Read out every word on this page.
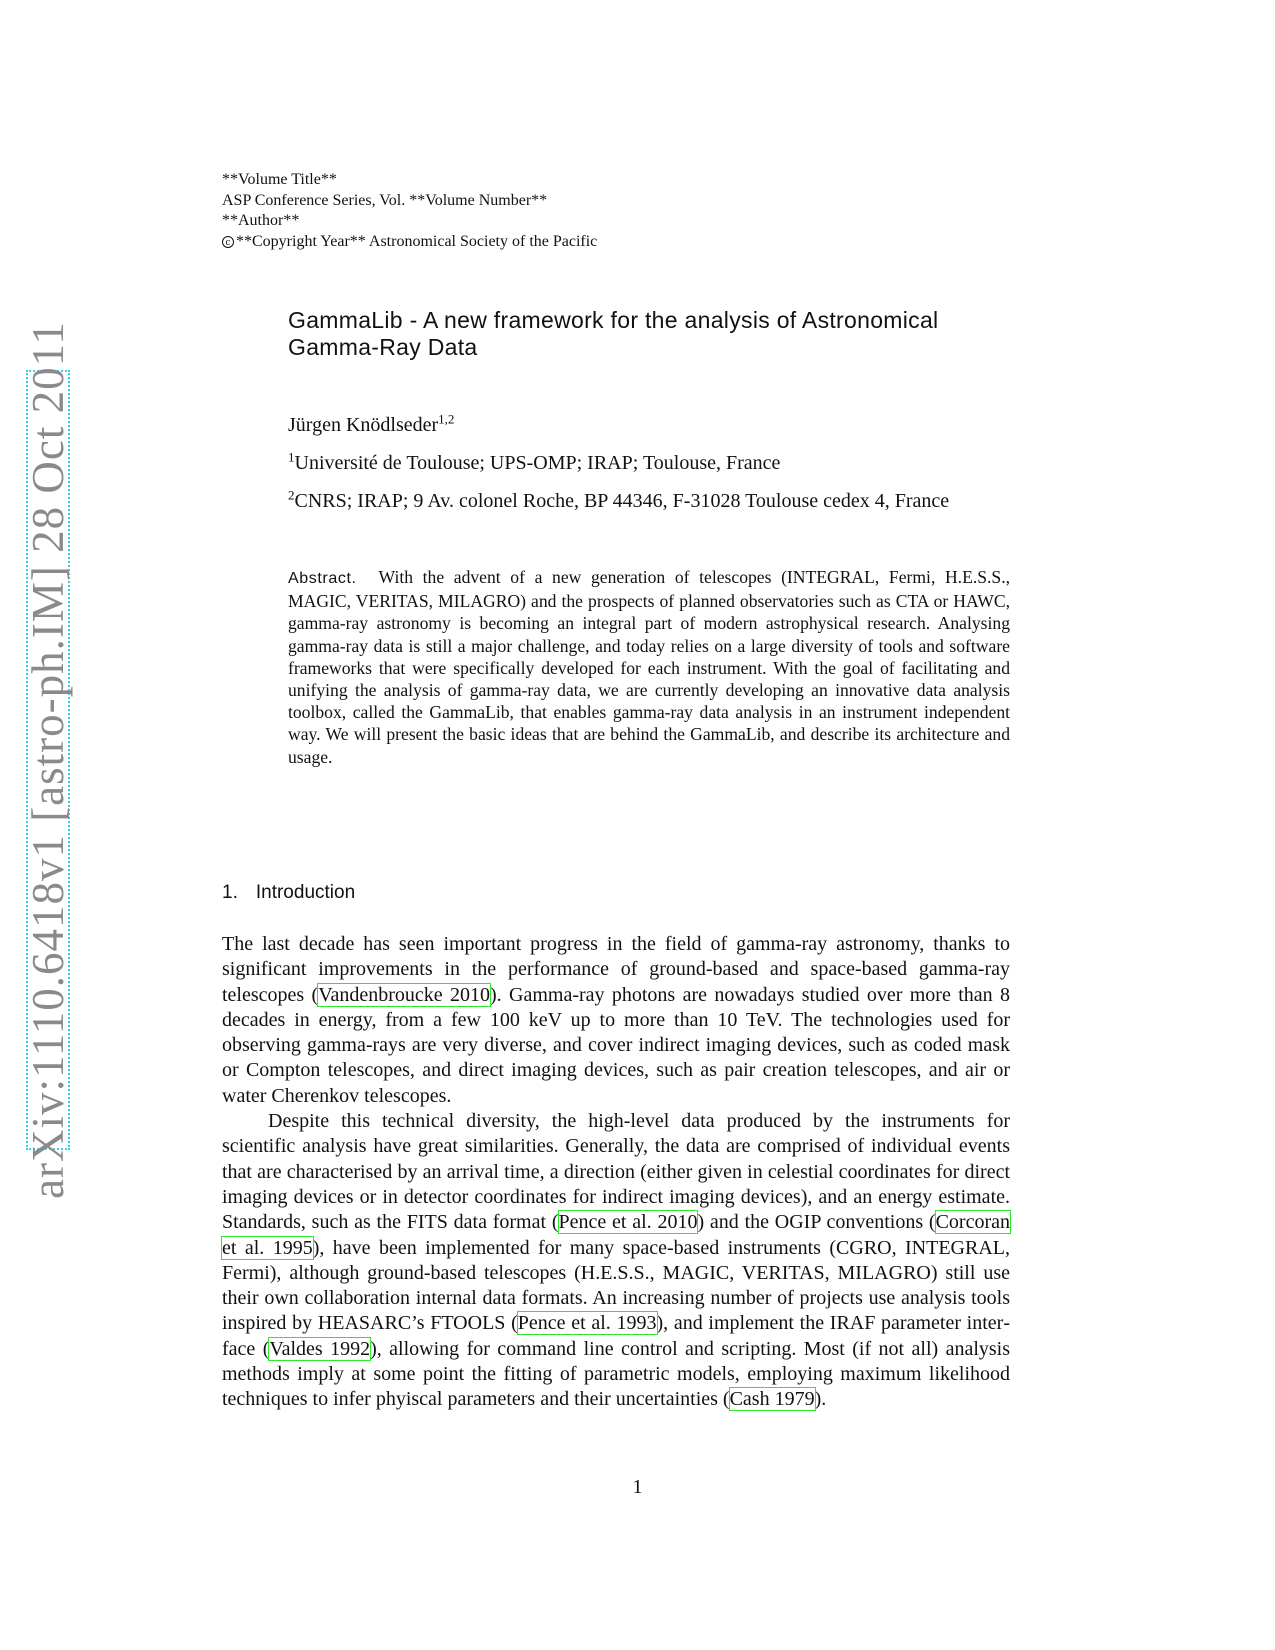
arXiv:1110.6418v1 [astro-ph.IM] 28 Oct 2011
**Volume Title**
ASP Conference Series, Vol. **Volume Number**
**Author**
c **Copyright Year** Astronomical Society of the Pacific
GammaLib - A new framework for the analysis of Astronomical
Gamma-Ray Data
Jürgen Knödlseder$^{1,2}$
$^1$Université de Toulouse; UPS-OMP; IRAP; Toulouse, France
$^2$CNRS; IRAP; 9 Av. colonel Roche, BP 44346, F-31028 Toulouse cedex 4, France
Abstract. With the advent of a new generation of telescopes (INTEGRAL, Fermi, H.E.S.S., MAGIC, VERITAS, MILAGRO) and the prospects of planned observatories such as CTA or HAWC, gamma-ray astronomy is becoming an integral part of modern astrophysical research. Analysing gamma-ray data is still a major challenge, and today relies on a large diversity of tools and software frameworks that were specifically developed for each instrument. With the goal of facilitating and unifying the analysis of gamma-ray data, we are currently developing an innovative data analysis toolbox, called the GammaLib, that enables gamma-ray data analysis in an instrument independent way. We will present the basic ideas that are behind the GammaLib, and describe its architecture and usage.
1. Introduction

The last decade has seen important progress in the field of gamma-ray astronomy, thanks to significant improvements in the performance of ground-based and space-based gamma-ray telescopes (Vandenbroucke 2010). Gamma-ray photons are nowadays studied over more than 8 decades in energy, from a few 100 keV up to more than 10 TeV. The technologies used for observing gamma-rays are very diverse, and cover indirect imaging devices, such as coded mask or Compton telescopes, and direct imaging devices, such as pair creation telescopes, and air or water Cherenkov telescopes.

Despite this technical diversity, the high-level data produced by the instruments for scientific analysis have great similarities. Generally, the data are comprised of individual events that are characterised by an arrival time, a direction (either given in celestial coordinates for direct imaging devices or in detector coordinates for indirect imaging devices), and an energy estimate. Standards, such as the FITS data format (Pence et al. 2010) and the OGIP conventions (Corcoran et al. 1995), have been implemented for many space-based instruments (CGRO, INTEGRAL, Fermi), although ground-based telescopes (H.E.S.S., MAGIC, VERITAS, MILAGRO) still use their own collaboration internal data formats. An increasing number of projects use analysis tools inspired by HEASARC’s FTOOLS (Pence et al. 1993), and implement the IRAF parameter interface (Valdes 1992), allowing for command line control and scripting. Most (if not all) analysis methods imply at some point the fitting of parametric models, employing maximum likelihood techniques to infer phyiscal parameters and their uncertainties (Cash 1979).

1
